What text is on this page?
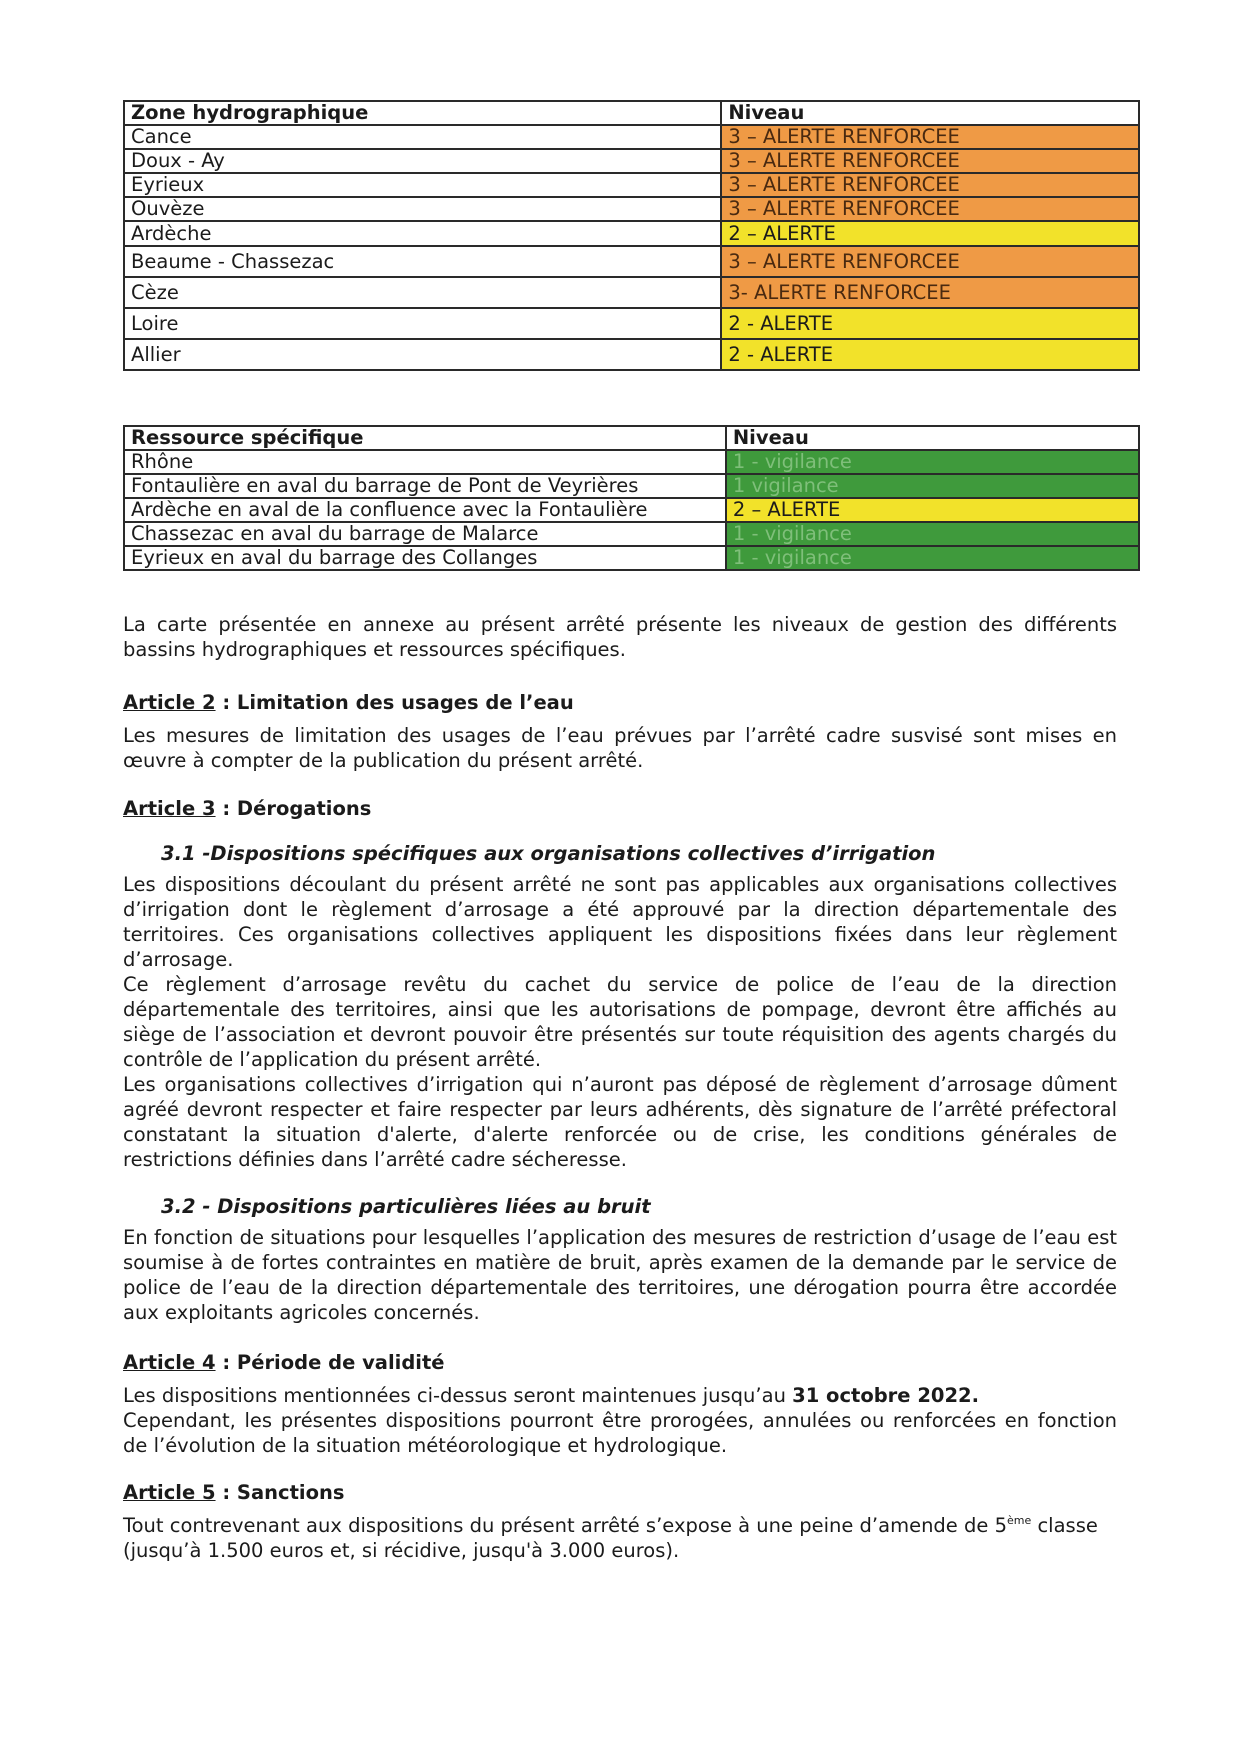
Zone hydrographique	Niveau
Cance	3 – ALERTE RENFORCEE
Doux - Ay	3 – ALERTE RENFORCEE
Eyrieux	3 – ALERTE RENFORCEE
Ouvèze	3 – ALERTE RENFORCEE
Ardèche	2 – ALERTE
Beaume - Chassezac	3 – ALERTE RENFORCEE
Cèze	3- ALERTE RENFORCEE
Loire	2 - ALERTE
Allier	2 - ALERTE
Ressource spécifique	Niveau
Rhône	1 - vigilance
Fontaulière en aval du barrage de Pont de Veyrières	1 vigilance
Ardèche en aval de la confluence avec la Fontaulière	2 – ALERTE
Chassezac en aval du barrage de Malarce	1 - vigilance
Eyrieux en aval du barrage des Collanges	1 - vigilance

La carte présentée en annexe au présent arrêté présente les niveaux de gestion des différents bassins hydrographiques et ressources spécifiques.

Article 2 : Limitation des usages de l’eau

Les mesures de limitation des usages de l’eau prévues par l’arrêté cadre susvisé sont mises en œuvre à compter de la publication du présent arrêté.

Article 3 : Dérogations
3.1 -Dispositions spécifiques aux organisations collectives d’irrigation

Les dispositions découlant du présent arrêté ne sont pas applicables aux organisations collectives d’irrigation dont le règlement d’arrosage a été approuvé par la direction départementale des territoires. Ces organisations collectives appliquent les dispositions fixées dans leur règlement d’arrosage.

Ce règlement d’arrosage revêtu du cachet du service de police de l’eau de la direction départementale des territoires, ainsi que les autorisations de pompage, devront être affichés au siège de l’association et devront pouvoir être présentés sur toute réquisition des agents chargés du contrôle de l’application du présent arrêté.

Les organisations collectives d’irrigation qui n’auront pas déposé de règlement d’arrosage dûment agréé devront respecter et faire respecter par leurs adhérents, dès signature de l’arrêté préfectoral constatant la situation d'alerte, d'alerte renforcée ou de crise, les conditions générales de restrictions définies dans l’arrêté cadre sécheresse.

3.2 - Dispositions particulières liées au bruit

En fonction de situations pour lesquelles l’application des mesures de restriction d’usage de l’eau est soumise à de fortes contraintes en matière de bruit, après examen de la demande par le service de police de l’eau de la direction départementale des territoires, une dérogation pourra être accordée aux exploitants agricoles concernés.

Article 4 : Période de validité

Les dispositions mentionnées ci-dessus seront maintenues jusqu’au 31 octobre 2022.

Cependant, les présentes dispositions pourront être prorogées, annulées ou renforcées en fonction de l’évolution de la situation météorologique et hydrologique.

Article 5 : Sanctions

Tout contrevenant aux dispositions du présent arrêté s’expose à une peine d’amende de 5ème classe

(jusqu’à 1.500 euros et, si récidive, jusqu'à 3.000 euros).
